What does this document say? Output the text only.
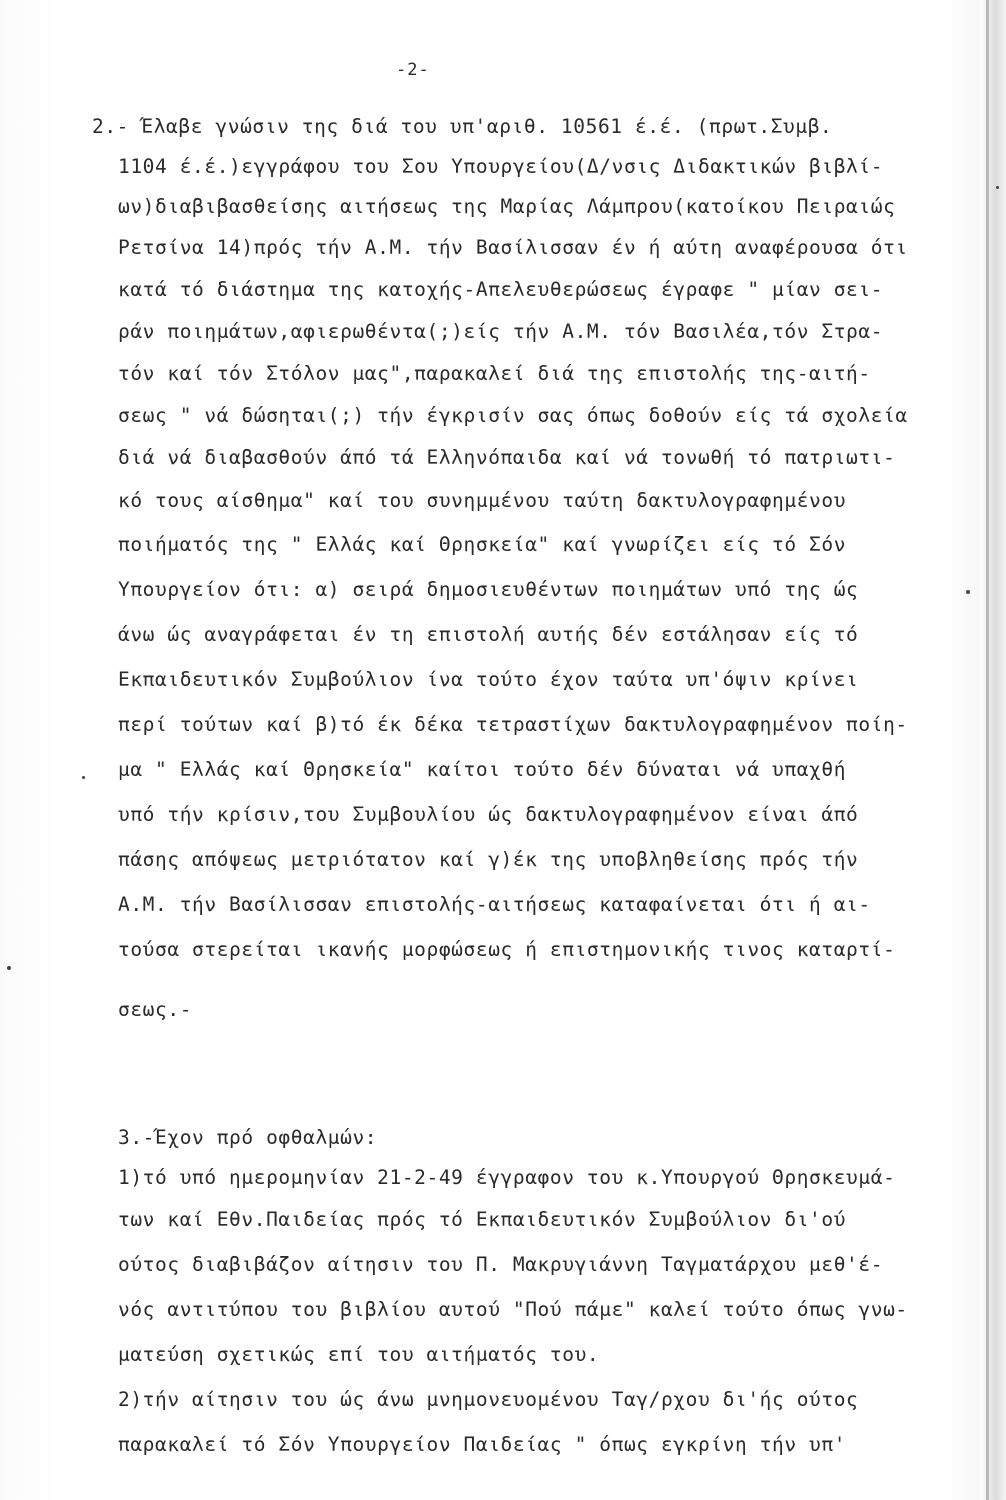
-2-
2.- Έλαβε γνώσιν της διά του υπ'αριθ. 10561 έ.έ. (πρωτ.Συμβ.
1104 έ.έ.)εγγράφου του Σου Υπουργείου(Δ/νσις Διδακτικών βιβλί-
ων)διαβιβασθείσης αιτήσεως της Μαρίας Λάμπρου(κατοίκου Πειραιώς
Ρετσίνα 14)πρός τήν Α.Μ. τήν Βασίλισσαν έν ή αύτη αναφέρουσα ότι
κατά τό διάστημα της κατοχής-Απελευθερώσεως έγραφε " μίαν σει-
ράν ποιημάτων,αφιερωθέντα(;)είς τήν Α.Μ. τόν Βασιλέα,τόν Στρα-
τόν καί τόν Στόλον μας",παρακαλεί διά της επιστολής της-αιτή-
σεως " νά δώσηται(;) τήν έγκρισίν σας όπως δοθούν είς τά σχολεία
διά νά διαβασθούν άπό τά Ελληνόπαιδα καί νά τονωθή τό πατριωτι-
κό τους αίσθημα" καί του συνημμένου ταύτη δακτυλογραφημένου
ποιήματός της " Ελλάς καί Θρησκεία" καί γνωρίζει είς τό Σόν
Υπουργείον ότι: α) σειρά δημοσιευθέντων ποιημάτων υπό της ώς
άνω ώς αναγράφεται έν τη επιστολή αυτής δέν εστάλησαν είς τό
Εκπαιδευτικόν Συμβούλιον ίνα τούτο έχον ταύτα υπ'όψιν κρίνει
περί τούτων καί β)τό έκ δέκα τετραστίχων δακτυλογραφημένον ποίη-
μα " Ελλάς καί Θρησκεία" καίτοι τούτο δέν δύναται νά υπαχθή
υπό τήν κρίσιν,του Συμβουλίου ώς δακτυλογραφημένον είναι άπό
πάσης απόψεως μετριότατον καί γ)έκ της υποβληθείσης πρός τήν
Α.Μ. τήν Βασίλισσαν επιστολής-αιτήσεως καταφαίνεται ότι ή αι-
τούσα στερείται ικανής μορφώσεως ή επιστημονικής τινος καταρτί-
σεως.-
3.-Έχον πρό οφθαλμών:
1)τό υπό ημερομηνίαν 21-2-49 έγγραφον του κ.Υπουργού Θρησκευμά-
των καί Εθν.Παιδείας πρός τό Εκπαιδευτικόν Συμβούλιον δι'ού
ούτος διαβιβάζον αίτησιν του Π. Μακρυγιάννη Ταγματάρχου μεθ'έ-
νός αντιτύπου του βιβλίου αυτού "Πού πάμε" καλεί τούτο όπως γνω-
ματεύση σχετικώς επί του αιτήματός του.
2)τήν αίτησιν του ώς άνω μνημονευομένου Ταγ/ρχου δι'ής ούτος
παρακαλεί τό Σόν Υπουργείον Παιδείας " όπως εγκρίνη τήν υπ'
